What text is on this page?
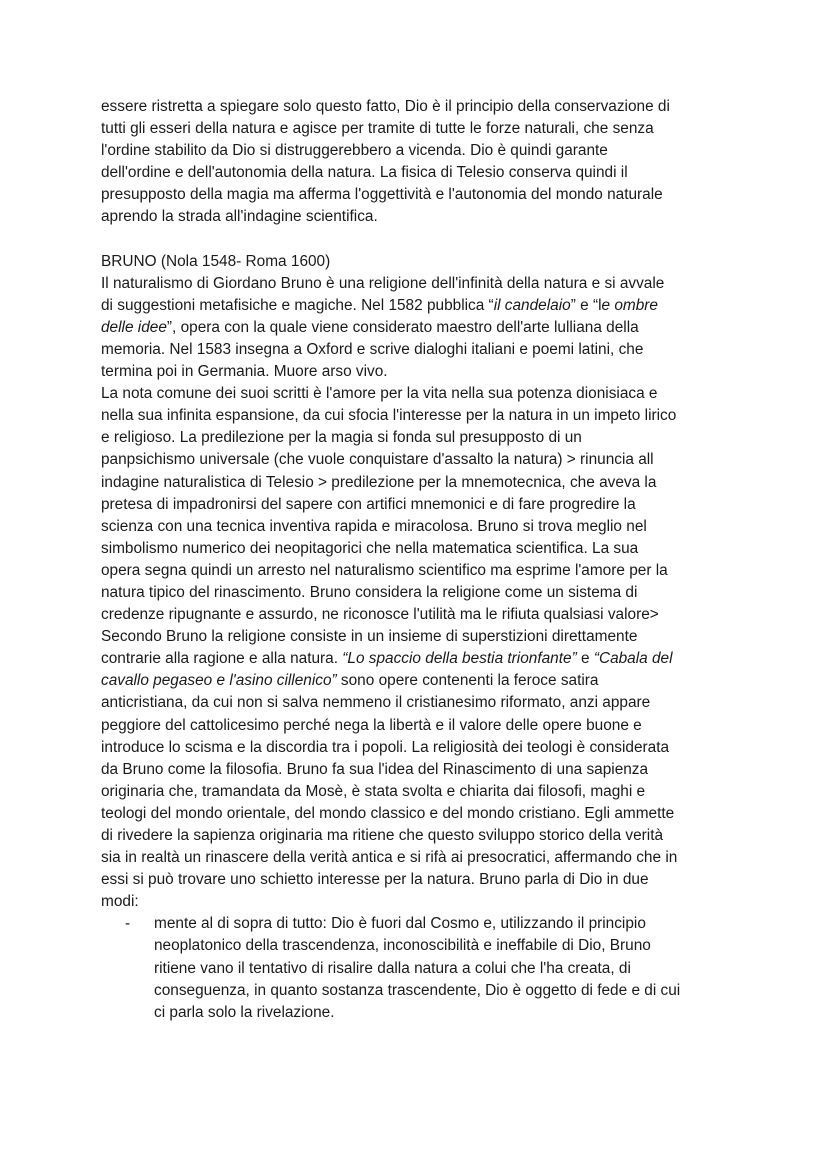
essere ristretta a spiegare solo questo fatto, Dio è il principio della conservazione di
tutti gli esseri della natura e agisce per tramite di tutte le forze naturali, che senza
l'ordine stabilito da Dio si distruggerebbero a vicenda. Dio è quindi garante
dell'ordine e dell'autonomia della natura. La fisica di Telesio conserva quindi il
presupposto della magia ma afferma l'oggettività e l'autonomia del mondo naturale
aprendo la strada all'indagine scientifica.
BRUNO (Nola 1548- Roma 1600)
Il naturalismo di Giordano Bruno è una religione dell'infinità della natura e si avvale
di suggestioni metafisiche e magiche. Nel 1582 pubblica “il candelaio” e “le ombre
delle idee”, opera con la quale viene considerato maestro dell'arte lulliana della
memoria. Nel 1583 insegna a Oxford e scrive dialoghi italiani e poemi latini, che
termina poi in Germania. Muore arso vivo.
La nota comune dei suoi scritti è l'amore per la vita nella sua potenza dionisiaca e
nella sua infinita espansione, da cui sfocia l'interesse per la natura in un impeto lirico
e religioso. La predilezione per la magia si fonda sul presupposto di un
panpsichismo universale (che vuole conquistare d'assalto la natura) > rinuncia all
indagine naturalistica di Telesio > predilezione per la mnemotecnica, che aveva la
pretesa di impadronirsi del sapere con artifici mnemonici e di fare progredire la
scienza con una tecnica inventiva rapida e miracolosa. Bruno si trova meglio nel
simbolismo numerico dei neopitagorici che nella matematica scientifica. La sua
opera segna quindi un arresto nel naturalismo scientifico ma esprime l'amore per la
natura tipico del rinascimento. Bruno considera la religione come un sistema di
credenze ripugnante e assurdo, ne riconosce l'utilità ma le rifiuta qualsiasi valore>
Secondo Bruno la religione consiste in un insieme di superstizioni direttamente
contrarie alla ragione e alla natura. “Lo spaccio della bestia trionfante” e “Cabala del
cavallo pegaseo e l'asino cillenico” sono opere contenenti la feroce satira
anticristiana, da cui non si salva nemmeno il cristianesimo riformato, anzi appare
peggiore del cattolicesimo perché nega la libertà e il valore delle opere buone e
introduce lo scisma e la discordia tra i popoli. La religiosità dei teologi è considerata
da Bruno come la filosofia. Bruno fa sua l'idea del Rinascimento di una sapienza
originaria che, tramandata da Mosè, è stata svolta e chiarita dai filosofi, maghi e
teologi del mondo orientale, del mondo classico e del mondo cristiano. Egli ammette
di rivedere la sapienza originaria ma ritiene che questo sviluppo storico della verità
sia in realtà un rinascere della verità antica e si rifà ai presocratici, affermando che in
essi si può trovare uno schietto interesse per la natura. Bruno parla di Dio in due
modi:
- mente al di sopra di tutto: Dio è fuori dal Cosmo e, utilizzando il principio
neoplatonico della trascendenza, inconoscibilità e ineffabile di Dio, Bruno
ritiene vano il tentativo di risalire dalla natura a colui che l'ha creata, di
conseguenza, in quanto sostanza trascendente, Dio è oggetto di fede e di cui
ci parla solo la rivelazione.
